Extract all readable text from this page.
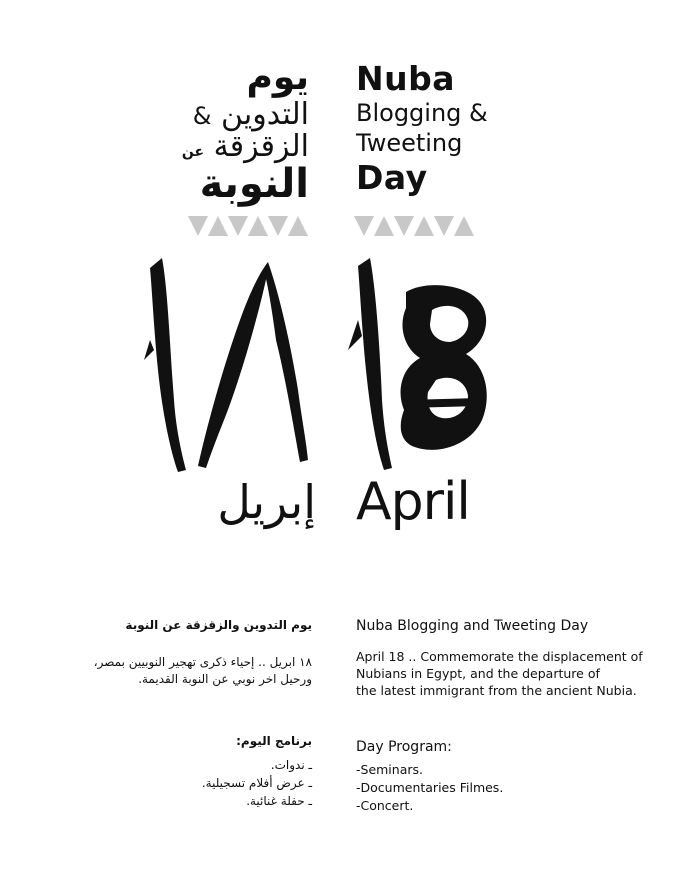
يوم
التدوين &
الزقزقة عن
النوبة
Nuba
Blogging &
Tweeting
Day
إبريل April
يوم التدوين والزقزقة عن النوبة
١٨ ابريل .. إحياء ذكرى تهجير النوبيين بمصر،
ورحيل اخر نوبي عن النوبة القديمة.
برنامج اليوم:
ـ ندوات.
ـ عرض أفلام تسجيلية.
ـ حفلة غنائية.
Nuba Blogging and Tweeting Day
April 18 .. Commemorate the displacement of
Nubians in Egypt, and the departure of
the latest immigrant from the ancient Nubia.
Day Program:
-Seminars.
-Documentaries Filmes.
-Concert.
